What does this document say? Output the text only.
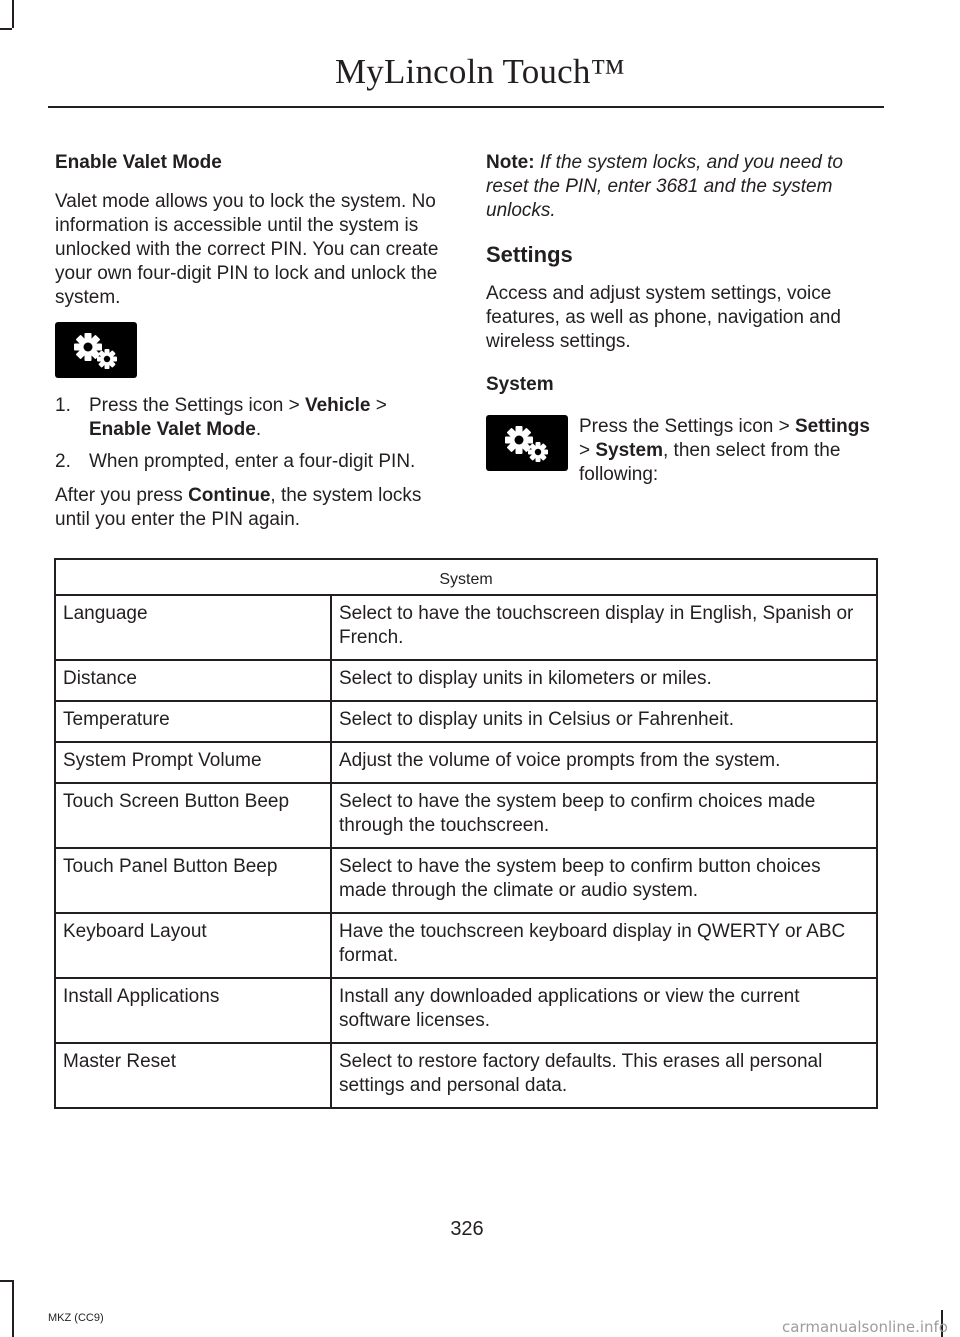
MyLincoln Touch™

Enable Valet Mode

Valet mode allows you to lock the system. No information is accessible until the system is unlocked with the correct PIN. You can create your own four-digit PIN to lock and unlock the system.

1. Press the Settings icon > Vehicle > Enable Valet Mode.
2. When prompted, enter a four-digit PIN.

After you press Continue, the system locks until you enter the PIN again.

Note: If the system locks, and you need to reset the PIN, enter 3681 and the system unlocks.

Settings

Access and adjust system settings, voice features, as well as phone, navigation and wireless settings.

System

Press the Settings icon > Settings > System, then select from the following:

System	
Language	Select to have the touchscreen display in English, Spanish or French.
Distance	Select to display units in kilometers or miles.
Temperature	Select to display units in Celsius or Fahrenheit.
System Prompt Volume	Adjust the volume of voice prompts from the system.
Touch Screen Button Beep	Select to have the system beep to confirm choices made through the touchscreen.
Touch Panel Button Beep	Select to have the system beep to confirm button choices made through the climate or audio system.
Keyboard Layout	Have the touchscreen keyboard display in QWERTY or ABC format.
Install Applications	Install any downloaded applications or view the current software licenses.
Master Reset	Select to restore factory defaults. This erases all personal settings and personal data.
326
MKZ (CC9)	carmanualsonline.info
